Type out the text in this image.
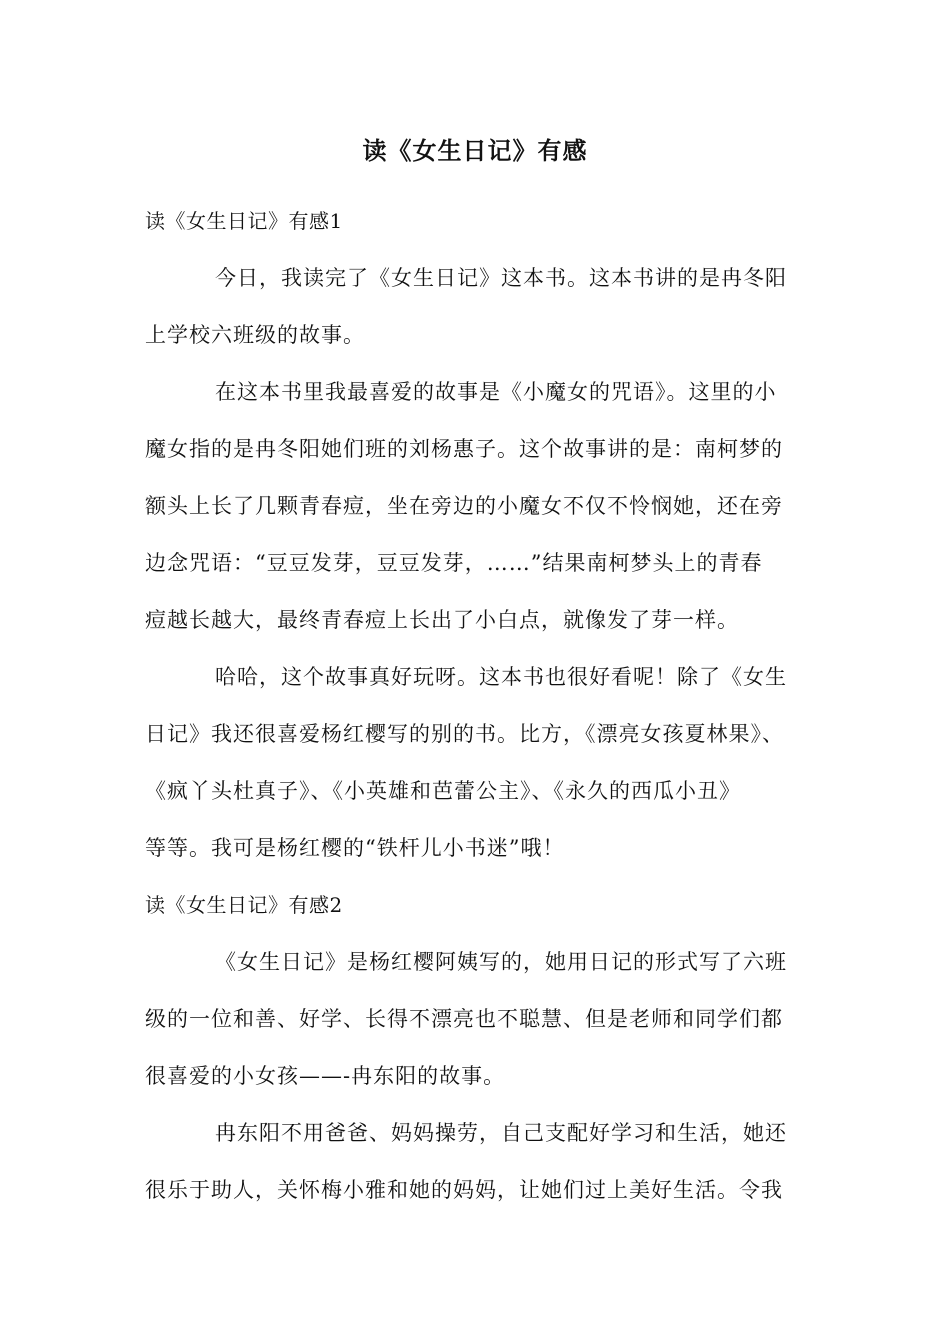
读《女生日记》有感
读《女生日记》有感1
今日，我读完了《女生日记》这本书。这本书讲的是冉冬阳
上学校六班级的故事。
在这本书里我最喜爱的故事是《小魔女的咒语》。这里的小
魔女指的是冉冬阳她们班的刘杨惠子。这个故事讲的是：南柯梦的
额头上长了几颗青春痘，坐在旁边的小魔女不仅不怜悯她，还在旁
边念咒语：“豆豆发芽，豆豆发芽，……”结果南柯梦头上的青春
痘越长越大，最终青春痘上长出了小白点，就像发了芽一样。
哈哈，这个故事真好玩呀。这本书也很好看呢！除了《女生
日记》我还很喜爱杨红樱写的别的书。比方，《漂亮女孩夏林果》、
《疯丫头杜真子》、《小英雄和芭蕾公主》、《永久的西瓜小丑》
等等。我可是杨红樱的“铁杆儿小书迷”哦！
读《女生日记》有感2
《女生日记》是杨红樱阿姨写的，她用日记的形式写了六班
级的一位和善、好学、长得不漂亮也不聪慧、但是老师和同学们都
很喜爱的小女孩——-冉东阳的故事。
冉东阳不用爸爸、妈妈操劳，自己支配好学习和生活，她还
很乐于助人，关怀梅小雅和她的妈妈，让她们过上美好生活。令我
